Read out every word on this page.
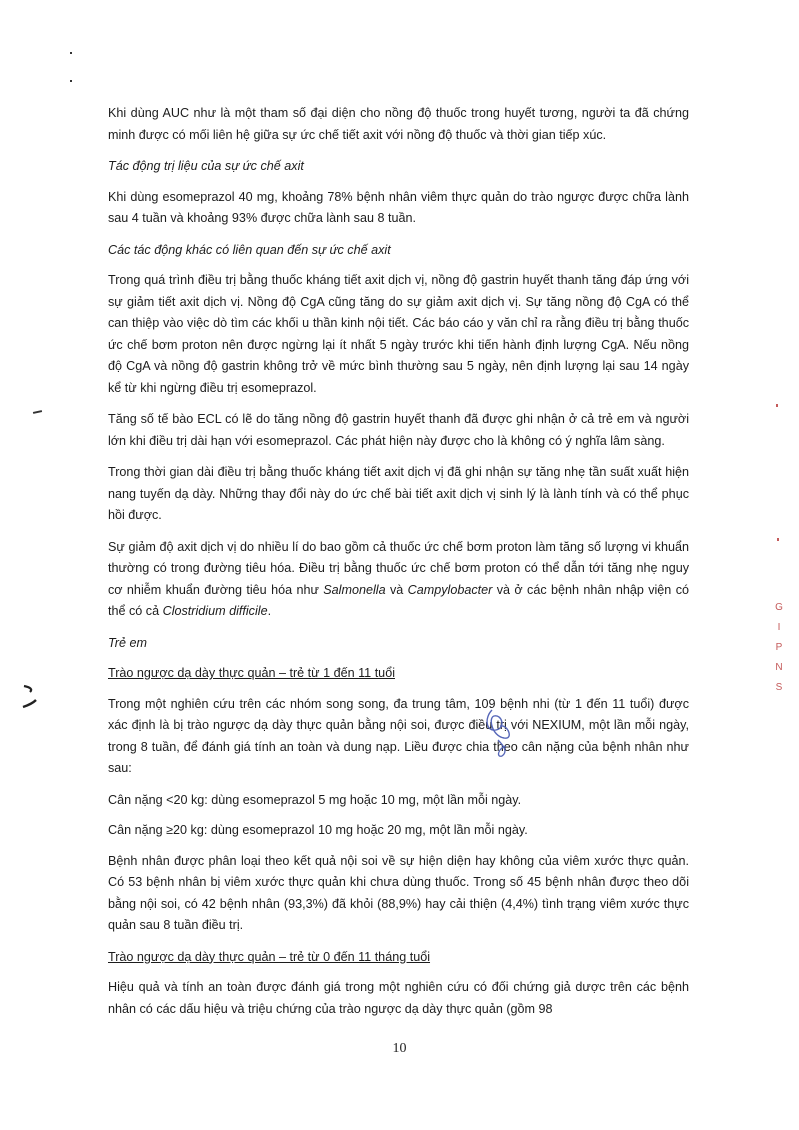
Khi dùng AUC như là một tham số đại diện cho nồng độ thuốc trong huyết tương, người ta đã chứng minh được có mối liên hệ giữa sự ức chế tiết axit với nồng độ thuốc và thời gian tiếp xúc.

Tác động trị liệu của sự ức chế axit

Khi dùng esomeprazol 40 mg, khoảng 78% bệnh nhân viêm thực quản do trào ngược được chữa lành sau 4 tuần và khoảng 93% được chữa lành sau 8 tuần.

Các tác động khác có liên quan đến sự ức chế axit

Trong quá trình điều trị bằng thuốc kháng tiết axit dịch vị, nồng độ gastrin huyết thanh tăng đáp ứng với sự giảm tiết axit dịch vị. Nồng độ CgA cũng tăng do sự giảm axit dịch vị. Sự tăng nồng độ CgA có thể can thiệp vào việc dò tìm các khối u thần kinh nội tiết. Các báo cáo y văn chỉ ra rằng điều trị bằng thuốc ức chế bơm proton nên được ngừng lại ít nhất 5 ngày trước khi tiến hành định lượng CgA. Nếu nồng độ CgA và nồng độ gastrin không trở về mức bình thường sau 5 ngày, nên định lượng lại sau 14 ngày kể từ khi ngừng điều trị esomeprazol.

Tăng số tế bào ECL có lẽ do tăng nồng độ gastrin huyết thanh đã được ghi nhận ở cả trẻ em và người lớn khi điều trị dài hạn với esomeprazol. Các phát hiện này được cho là không có ý nghĩa lâm sàng.

Trong thời gian dài điều trị bằng thuốc kháng tiết axit dịch vị đã ghi nhận sự tăng nhẹ tần suất xuất hiện nang tuyến dạ dày. Những thay đổi này do ức chế bài tiết axit dịch vị sinh lý là lành tính và có thể phục hồi được.

Sự giảm độ axit dịch vị do nhiều lí do bao gồm cả thuốc ức chế bơm proton làm tăng số lượng vi khuẩn thường có trong đường tiêu hóa. Điều trị bằng thuốc ức chế bơm proton có thể dẫn tới tăng nhẹ nguy cơ nhiễm khuẩn đường tiêu hóa như Salmonella và Campylobacter và ở các bệnh nhân nhập viện có thể có cả Clostridium difficile.

Trẻ em

Trào ngược dạ dày thực quản – trẻ từ 1 đến 11 tuổi

Trong một nghiên cứu trên các nhóm song song, đa trung tâm, 109 bệnh nhi (từ 1 đến 11 tuổi) được xác định là bị trào ngược dạ dày thực quản bằng nội soi, được điều trị với NEXIUM, một lần mỗi ngày, trong 8 tuần, để đánh giá tính an toàn và dung nạp. Liều được chia theo cân nặng của bệnh nhân như sau:

Cân nặng <20 kg: dùng esomeprazol 5 mg hoặc 10 mg, một lần mỗi ngày.

Cân nặng ≥20 kg: dùng esomeprazol 10 mg hoặc 20 mg, một lần mỗi ngày.

Bệnh nhân được phân loại theo kết quả nội soi về sự hiện diện hay không của viêm xước thực quản. Có 53 bệnh nhân bị viêm xước thực quản khi chưa dùng thuốc. Trong số 45 bệnh nhân được theo dõi bằng nội soi, có 42 bệnh nhân (93,3%) đã khỏi (88,9%) hay cải thiện (4,4%) tình trạng viêm xước thực quản sau 8 tuần điều trị.

Trào ngược dạ dày thực quản – trẻ từ 0 đến 11 tháng tuổi

Hiệu quả và tính an toàn được đánh giá trong một nghiên cứu có đối chứng giả dược trên các bệnh nhân có các dấu hiệu và triệu chứng của trào ngược dạ dày thực quản (gồm 98

10
G
I
P
N
S
